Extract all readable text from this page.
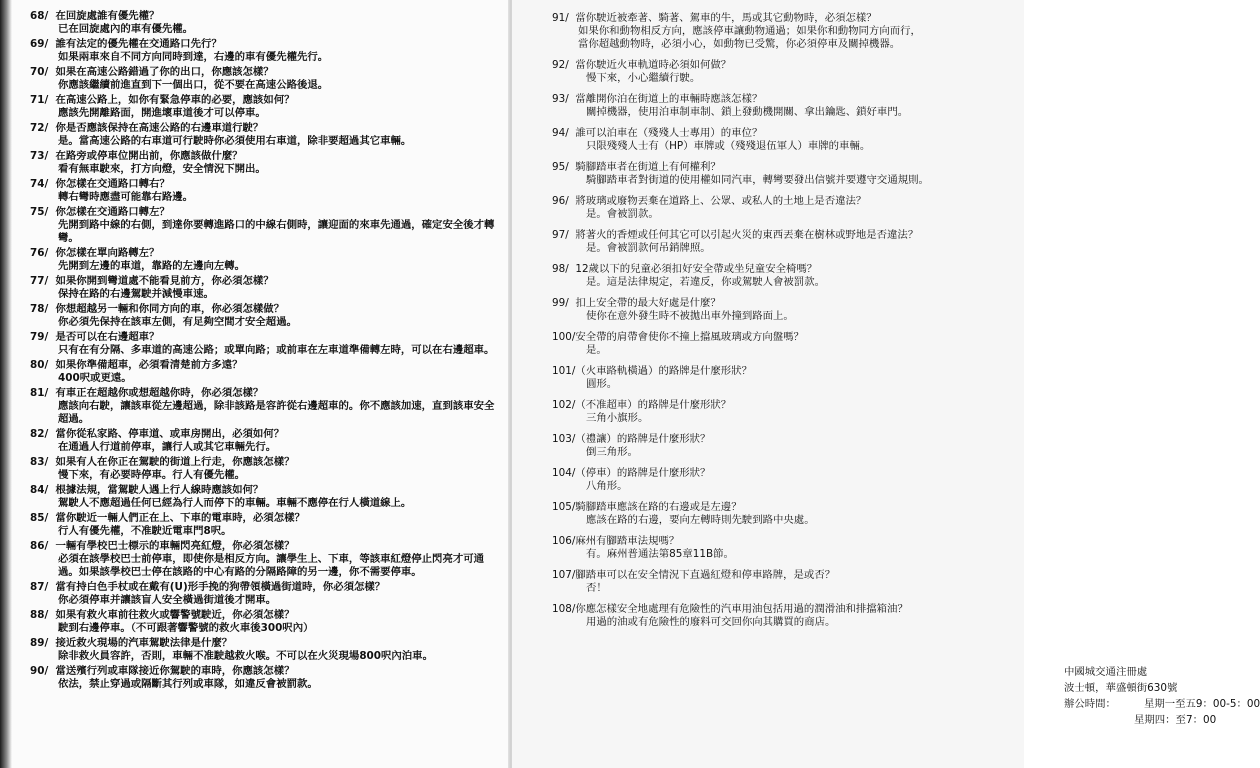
68/  在回旋處誰有優先權？
已在回旋處內的車有優先權。
69/  誰有法定的優先權在交通路口先行？
如果兩車來自不同方向同時到達，右邊的車有優先權先行。
70/  如果在高速公路錯過了你的出口，你應該怎樣？
你應該繼續前進直到下一個出口，從不要在高速公路後退。
71/  在高速公路上，如你有緊急停車的必要，應該如何？
應該先開離路面，開進壞車道後才可以停車。
72/  你是否應該保持在高速公路的右邊車道行駛？
是。當高速公路的右車道可行駛時你必須使用右車道，除非要超過其它車輛。
73/  在路旁或停車位開出前，你應該做什麼？
看有無車駛來，打方向燈，安全情況下開出。
74/  你怎樣在交通路口轉右？
轉右彎時應盡可能靠右路邊。
75/  你怎樣在交通路口轉左？
先開到路中線的右側，到達你要轉進路口的中線右側時，讓迎面的來車先通過，確定安全後才轉彎。
76/  你怎樣在單向路轉左？
先開到左邊的車道，靠路的左邊向左轉。
77/  如果你開到彎道處不能看見前方，你必須怎樣？
保持在路的右邊駕駛并減慢車速。
78/  你想超越另一輛和你同方向的車，你必須怎樣做？
你必須先保持在該車左側，有足夠空間才安全超過。
79/  是否可以在右邊超車？
只有在有分隔、多車道的高速公路；或單向路；或前車在左車道準備轉左時，可以在右邊超車。
80/  如果你準備超車，必須看清楚前方多遠？
400呎或更遠。
81/  有車正在超越你或想超越你時，你必須怎樣？
應該向右駛，讓該車從左邊超過，除非該路是容許從右邊超車的。你不應該加速，直到該車安全超過。
82/  當你從私家路、停車道、或車房開出，必須如何？
在通過人行道前停車，讓行人或其它車輛先行。
83/  如果有人在你正在駕駛的街道上行走，你應該怎樣？
慢下來，有必要時停車。行人有優先權。
84/  根據法規，當駕駛人遇上行人線時應該如何？
駕駛人不應超過任何已經為行人而停下的車輛。車輛不應停在行人橫道線上。
85/  當你駛近一輛人們正在上、下車的電車時，必須怎樣？
行人有優先權，不准駛近電車門8呎。
86/  一輛有學校巴士標示的車輛閃亮紅燈，你必須怎樣？
必須在該學校巴士前停車，即使你是相反方向。讓學生上、下車，等該車紅燈停止閃亮才可通過。如果該學校巴士停在該路的中心有路的分隔路障的另一邊，你不需要停車。
87/  當有持白色手杖或在戴有(U)形手挽的狗帶領橫過街道時，你必須怎樣？
你必須停車并讓該盲人安全橫過街道後才開車。
88/  如果有救火車前往救火或響警號駛近，你必須怎樣？
駛到右邊停車。（不可跟著響警號的救火車後300呎內）
89/  接近救火現場的汽車駕駛法律是什麼？
除非救火員容許，否則，車輛不准駛越救火喉。不可以在火災現場800呎內泊車。
90/  當送殯行列或車隊接近你駕駛的車時，你應該怎樣？
依法，禁止穿過或隔斷其行列或車隊，如違反會被罰款。
91/  當你駛近被牽著、騎著、駕車的牛，馬或其它動物時，必須怎樣？
如果你和動物相反方向，應該停車讓動物通過；如果你和動物同方向而行，
當你超越動物時，必須小心，如動物已受驚，你必須停車及關掉機器。
92/  當你駛近火車軌道時必須如何做？
慢下來，小心繼續行駛。
93/  當離開你泊在街道上的車輛時應該怎樣？
關掉機器，使用泊車制車制、鎖上發動機開關、拿出鑰匙、鎖好車門。
94/  誰可以泊車在（殘殘人士專用）的車位？
只限殘殘人士有（HP）車牌或（殘殘退伍軍人）車牌的車輛。
95/  騎腳踏車者在街道上有何權利？
騎腳踏車者對街道的使用權如同汽車，轉彎要發出信號并要遵守交通規則。
96/  將玻璃或廢物丟棄在道路上、公眾、或私人的土地上是否違法？
是。會被罰款。
97/  將著火的香煙或任何其它可以引起火災的東西丟棄在樹林或野地是否違法？
是。會被罰款何吊銷牌照。
98/  12歲以下的兒童必須扣好安全帶或坐兒童安全椅嗎？
是。這是法律規定，若違反，你或駕駛人會被罰款。
99/  扣上安全帶的最大好處是什麼？
使你在意外發生時不被拋出車外撞到路面上。
100/安全帶的肩帶會使你不撞上擋風玻璃或方向盤嗎？
是。
101/（火車路軌橫過）的路牌是什麼形狀？
圓形。
102/（不准超車）的路牌是什麼形狀？
三角小旗形。
103/（禮讓）的路牌是什麼形狀？
倒三角形。
104/（停車）的路牌是什麼形狀？
八角形。
105/騎腳踏車應該在路的右邊或是左邊？
應該在路的右邊，要向左轉時則先駛到路中央處。
106/麻州有腳踏車法規嗎？
有。麻州普通法第85章11B節。
107/腳踏車可以在安全情況下直過紅燈和停車路牌，是或否？
否！
108/你應怎樣安全地處理有危險性的汽車用油包括用過的潤滑油和排擋箱油？
用過的油或有危險性的廢料可交回你向其購買的商店。
中國城交通注冊處
波士頓，華盛頓街630號
辦公時間：	星期一至五9：00-5：00
星期四：至7：00
